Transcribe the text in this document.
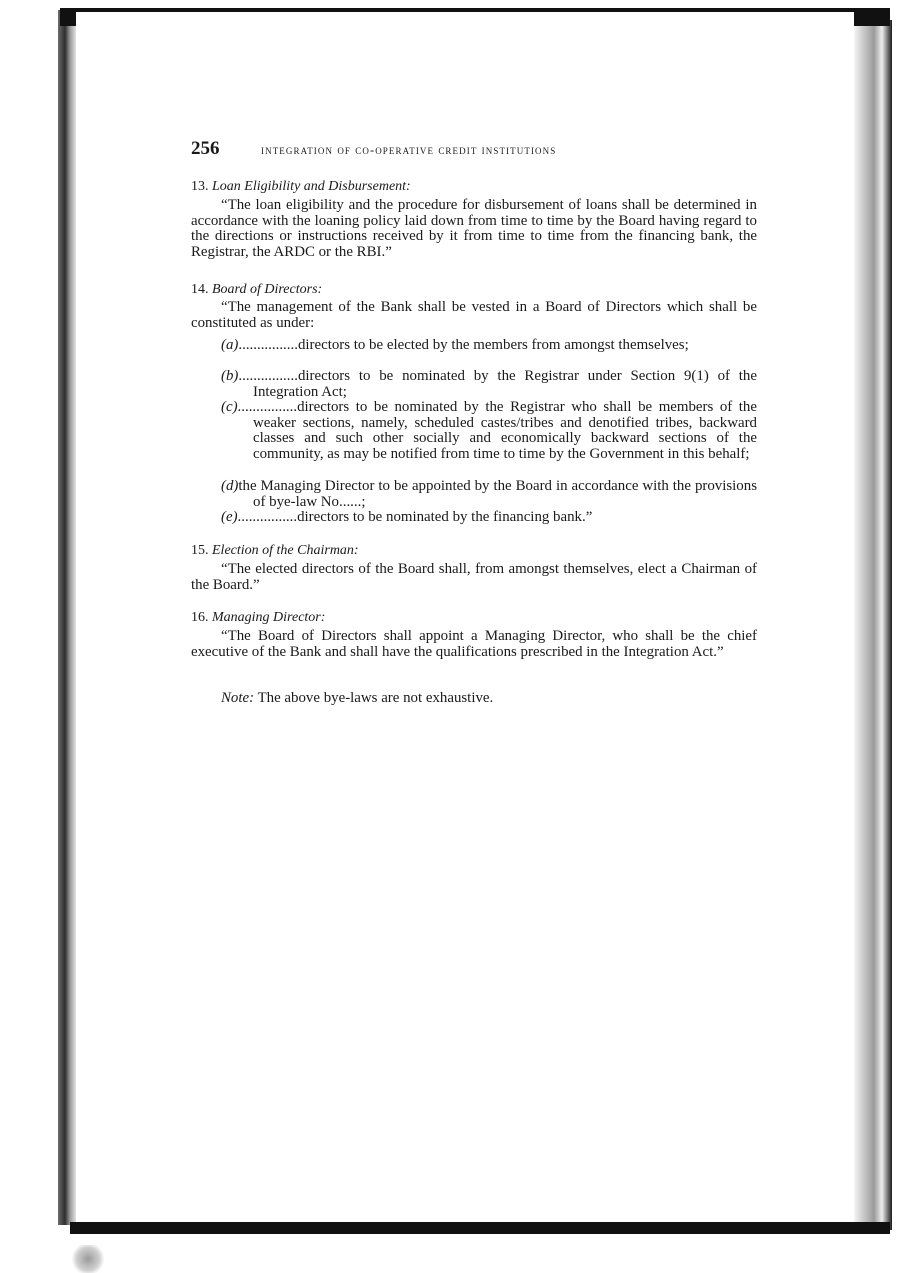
256	integration of co-operative credit institutions
13. Loan Eligibility and Disbursement:
“The loan eligibility and the procedure for disbursement of loans shall be determined in accordance with the loaning policy laid down from time to time by the Board having regard to the directions or instructions received by it from time to time from the financing bank, the Registrar, the ARDC or the RBI.”
14. Board of Directors:
“The management of the Bank shall be vested in a Board of Directors which shall be constituted as under:
(a)................directors to be elected by the members from amongst themselves;
(b)................directors to be nominated by the Registrar under Section 9(1) of the Integration Act;
(c)................directors to be nominated by the Registrar who shall be members of the weaker sections, namely, scheduled castes/tribes and denotified tribes, backward classes and such other socially and economically backward sections of the community, as may be notified from time to time by the Government in this behalf;
(d)the Managing Director to be appointed by the Board in accordance with the provisions of bye-law No......;
(e)................directors to be nominated by the financing bank.”
15. Election of the Chairman:
“The elected directors of the Board shall, from amongst themselves, elect a Chairman of the Board.”
16. Managing Director:
“The Board of Directors shall appoint a Managing Director, who shall be the chief executive of the Bank and shall have the qualifications prescribed in the Integration Act.”
Note: The above bye-laws are not exhaustive.
